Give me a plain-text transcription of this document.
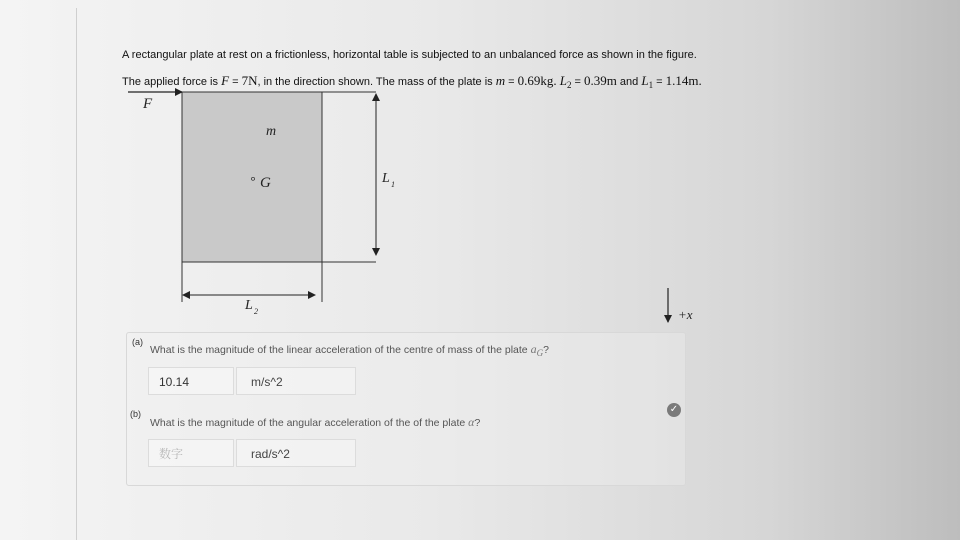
A rectangular plate at rest on a frictionless, horizontal table is subjected to an unbalanced force as shown in the figure.
The applied force is F = 7N, in the direction shown. The mass of the plate is m = 0.69kg. $L_2 = 0.39m$ and $L_1 = 1.14m$.
F
m
° G	L 1
L 2	+x
(a)
What is the magnitude of the linear acceleration of the centre of mass of the plate $a_G$?
10.14	m/s^2
(b)
What is the magnitude of the angular acceleration of the of the plate α?
✓
数字	rad/s^2
